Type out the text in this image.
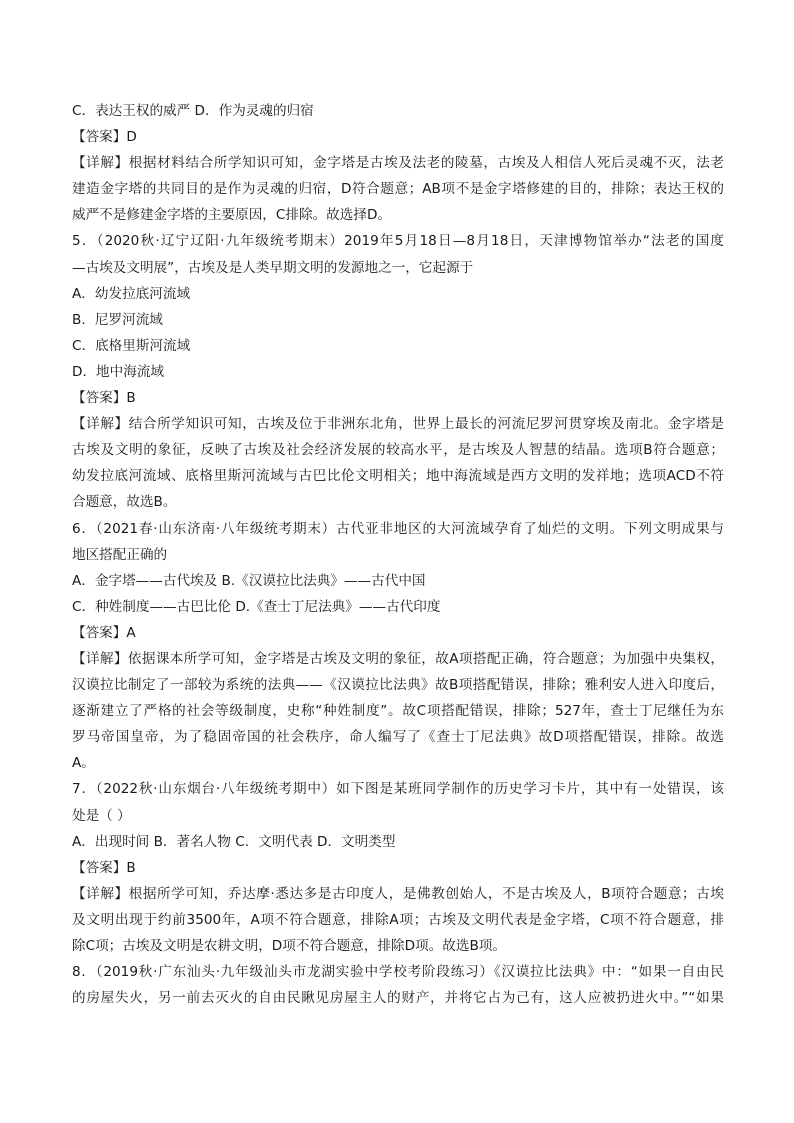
C．表达王权的威严 D．作为灵魂的归宿
【答案】D
【详解】根据材料结合所学知识可知，金字塔是古埃及法老的陵墓，古埃及人相信人死后灵魂不灭，法老
建造金字塔的共同目的是作为灵魂的归宿，D符合题意；AB项不是金字塔修建的目的，排除；表达王权的
威严不是修建金字塔的主要原因，C排除。故选择D。
5．（2020秋·辽宁辽阳·九年级统考期末）2019年5月18日—8月18日，天津博物馆举办“法老的国度
—古埃及文明展”，古埃及是人类早期文明的发源地之一，它起源于
A．幼发拉底河流域
B．尼罗河流域
C．底格里斯河流域
D．地中海流域
【答案】B
【详解】结合所学知识可知，古埃及位于非洲东北角，世界上最长的河流尼罗河贯穿埃及南北。金字塔是
古埃及文明的象征，反映了古埃及社会经济发展的较高水平，是古埃及人智慧的结晶。选项B符合题意；
幼发拉底河流域、底格里斯河流域与古巴比伦文明相关；地中海流域是西方文明的发祥地；选项ACD不符
合题意，故选B。
6．（2021春·山东济南·八年级统考期末）古代亚非地区的大河流域孕育了灿烂的文明。下列文明成果与
地区搭配正确的
A．金字塔——古代埃及 B.《汉谟拉比法典》——古代中国
C．种姓制度——古巴比伦 D.《查士丁尼法典》——古代印度
【答案】A
【详解】依据课本所学可知，金字塔是古埃及文明的象征，故A项搭配正确，符合题意；为加强中央集权，
汉谟拉比制定了一部较为系统的法典——《汉谟拉比法典》故B项搭配错误，排除；雅利安人进入印度后，
逐渐建立了严格的社会等级制度，史称“种姓制度”。故C项搭配错误，排除；527年，查士丁尼继任为东
罗马帝国皇帝，为了稳固帝国的社会秩序，命人编写了《查士丁尼法典》故D项搭配错误，排除。故选
A。
7．（2022秋·山东烟台·八年级统考期中）如下图是某班同学制作的历史学习卡片，其中有一处错误，该
处是（ ）
A．出现时间 B．著名人物 C．文明代表 D．文明类型
【答案】B
【详解】根据所学可知，乔达摩·悉达多是古印度人，是佛教创始人，不是古埃及人，B项符合题意；古埃
及文明出现于约前3500年，A项不符合题意，排除A项；古埃及文明代表是金字塔，C项不符合题意，排
除C项；古埃及文明是农耕文明，D项不符合题意，排除D项。故选B项。
8．（2019秋·广东汕头·九年级汕头市龙湖实验中学校考阶段练习）《汉谟拉比法典》中：“如果一自由民
的房屋失火，另一前去灭火的自由民瞅见房屋主人的财产，并将它占为己有，这人应被扔进火中。”“如果
